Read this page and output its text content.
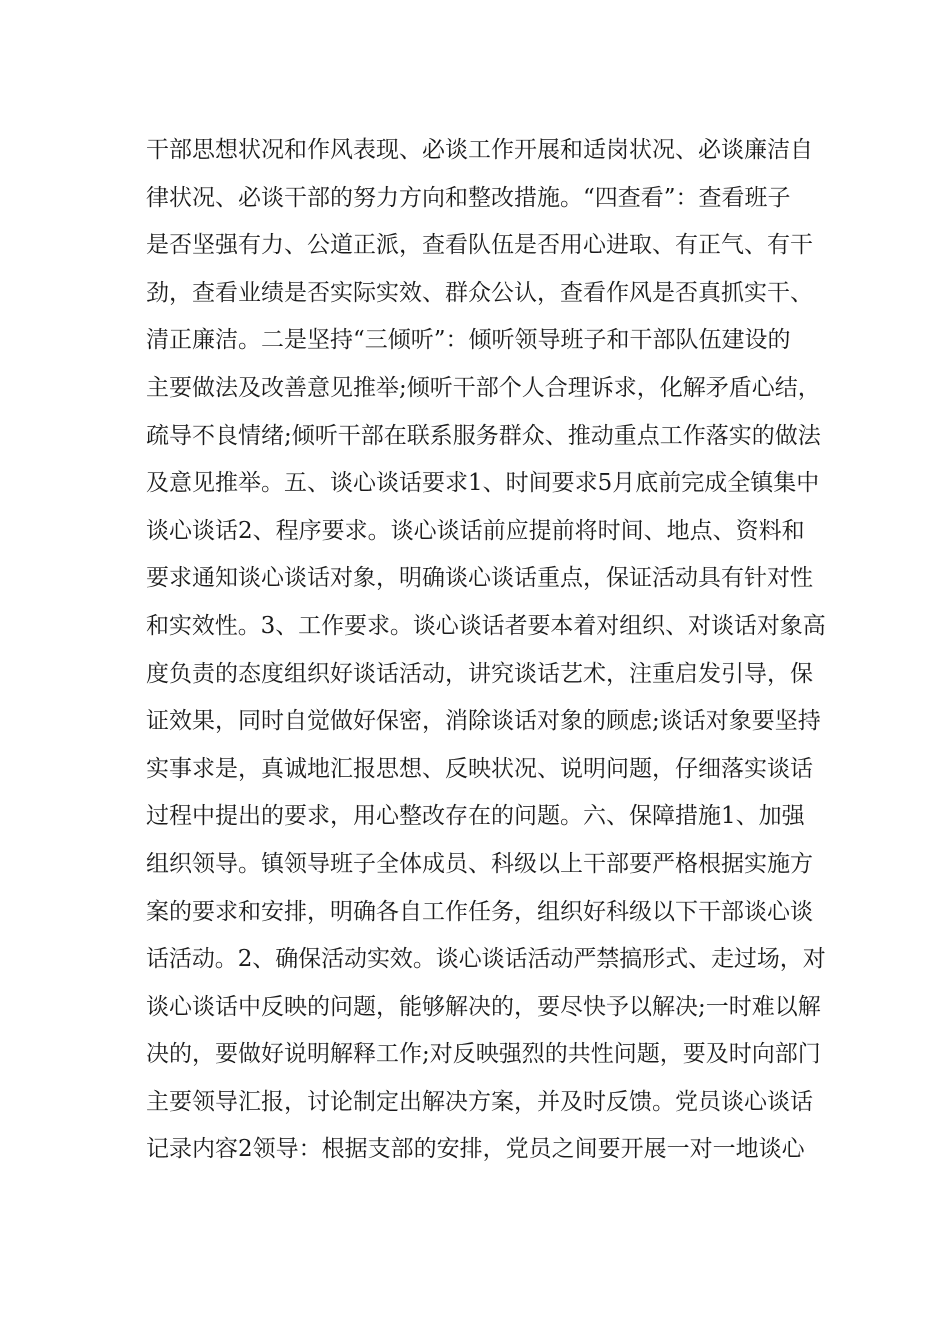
干部思想状况和作风表现、必谈工作开展和适岗状况、必谈廉洁自
律状况、必谈干部的努力方向和整改措施。“四查看”：查看班子
是否坚强有力、公道正派，查看队伍是否用心进取、有正气、有干
劲，查看业绩是否实际实效、群众公认，查看作风是否真抓实干、
清正廉洁。二是坚持“三倾听”：倾听领导班子和干部队伍建设的
主要做法及改善意见推举;倾听干部个人合理诉求，化解矛盾心结，
疏导不良情绪;倾听干部在联系服务群众、推动重点工作落实的做法
及意见推举。五、谈心谈话要求1、时间要求5月底前完成全镇集中
谈心谈话2、程序要求。谈心谈话前应提前将时间、地点、资料和
要求通知谈心谈话对象，明确谈心谈话重点，保证活动具有针对性
和实效性。3、工作要求。谈心谈话者要本着对组织、对谈话对象高
度负责的态度组织好谈话活动，讲究谈话艺术，注重启发引导，保
证效果，同时自觉做好保密，消除谈话对象的顾虑;谈话对象要坚持
实事求是，真诚地汇报思想、反映状况、说明问题，仔细落实谈话
过程中提出的要求，用心整改存在的问题。六、保障措施1、加强
组织领导。镇领导班子全体成员、科级以上干部要严格根据实施方
案的要求和安排，明确各自工作任务，组织好科级以下干部谈心谈
话活动。2、确保活动实效。谈心谈话活动严禁搞形式、走过场，对
谈心谈话中反映的问题，能够解决的，要尽快予以解决;一时难以解
决的，要做好说明解释工作;对反映强烈的共性问题，要及时向部门
主要领导汇报，讨论制定出解决方案，并及时反馈。党员谈心谈话
记录内容2领导：根据支部的安排，党员之间要开展一对一地谈心
